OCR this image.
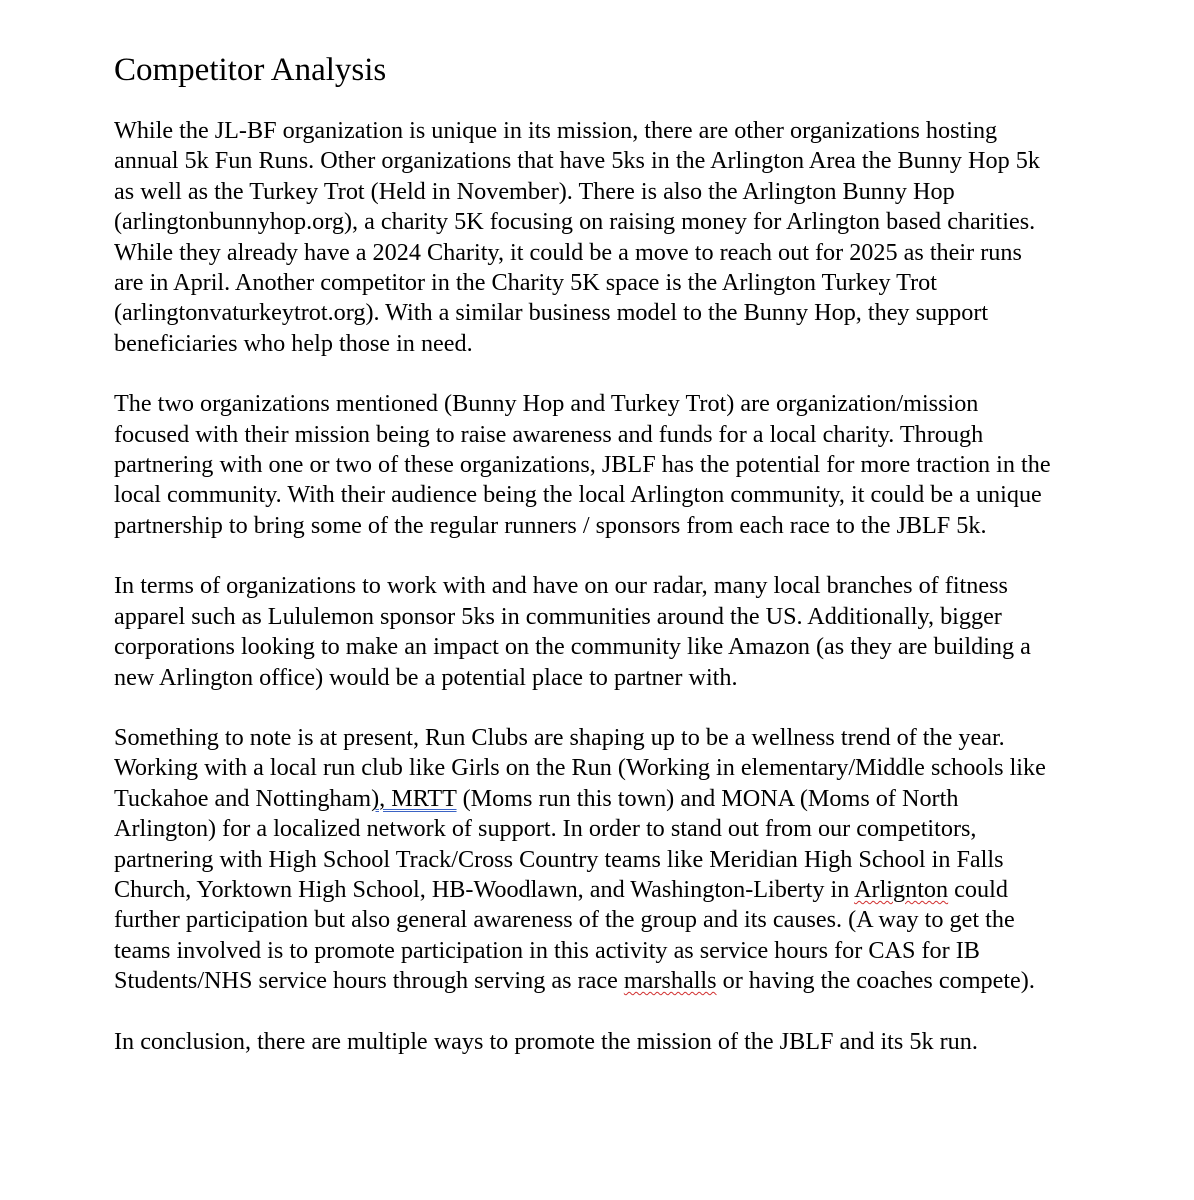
Competitor Analysis
While the JL-BF organization is unique in its mission, there are other organizations hosting
annual 5k Fun Runs. Other organizations that have 5ks in the Arlington Area the Bunny Hop 5k
as well as the Turkey Trot (Held in November). There is also the Arlington Bunny Hop
(arlingtonbunnyhop.org), a charity 5K focusing on raising money for Arlington based charities.
While they already have a 2024 Charity, it could be a move to reach out for 2025 as their runs
are in April. Another competitor in the Charity 5K space is the Arlington Turkey Trot
(arlingtonvaturkeytrot.org). With a similar business model to the Bunny Hop, they support
beneficiaries who help those in need.
The two organizations mentioned (Bunny Hop and Turkey Trot) are organization/mission
focused with their mission being to raise awareness and funds for a local charity. Through
partnering with one or two of these organizations, JBLF has the potential for more traction in the
local community. With their audience being the local Arlington community, it could be a unique
partnership to bring some of the regular runners / sponsors from each race to the JBLF 5k.
In terms of organizations to work with and have on our radar, many local branches of fitness
apparel such as Lululemon sponsor 5ks in communities around the US. Additionally, bigger
corporations looking to make an impact on the community like Amazon (as they are building a
new Arlington office) would be a potential place to partner with.
Something to note is at present, Run Clubs are shaping up to be a wellness trend of the year.
Working with a local run club like Girls on the Run (Working in elementary/Middle schools like
Tuckahoe and Nottingham), MRTT (Moms run this town) and MONA (Moms of North
Arlington) for a localized network of support. In order to stand out from our competitors,
partnering with High School Track/Cross Country teams like Meridian High School in Falls
Church, Yorktown High School, HB-Woodlawn, and Washington-Liberty in Arlignton could
further participation but also general awareness of the group and its causes. (A way to get the
teams involved is to promote participation in this activity as service hours for CAS for IB
Students/NHS service hours through serving as race marshalls or having the coaches compete).
In conclusion, there are multiple ways to promote the mission of the JBLF and its 5k run.
